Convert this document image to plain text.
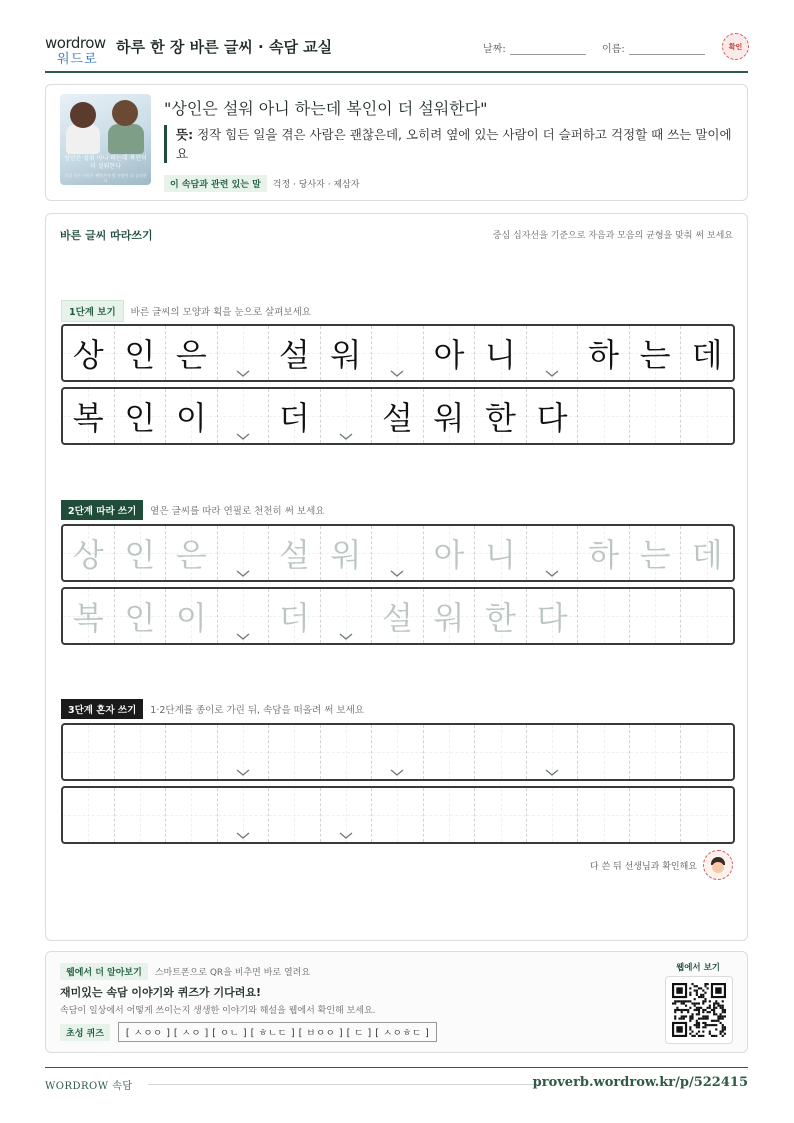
wordrow
워드로
하루 한 장 바른 글씨 · 속담 교실	날짜:	이름:	확인
상인은 설워 아니 하는데 복인이 더 설워한다
직접 겪은 사람은 괜찮은데 옆 사람이 더 슬퍼한다
"상인은 설워 아니 하는데 복인이 더 설워한다"
뜻: 정작 힘든 일을 겪은 사람은 괜찮은데, 오히려 옆에 있는 사람이 더 슬퍼하고 걱정할 때 쓰는 말이에요
이 속담과 관련 있는 말 걱정 · 당사자 · 제삼자
바른 글씨 따라쓰기	중심 십자선을 기준으로 자음과 모음의 균형을 맞춰 써 보세요
1단계 보기	바른 글씨의 모양과 획을 눈으로 살펴보세요
상 인 은 설 워 아 니 하 는 데
복 인 이 더 설 워 한 다
2단계 따라 쓰기	옅은 글씨를 따라 연필로 천천히 써 보세요
상 인 은 설 워 아 니 하 는 데
복 인 이 더 설 워 한 다
3단계 혼자 쓰기	1·2단계를 종이로 가린 뒤, 속담을 떠올려 써 보세요
다 쓴 뒤 선생님과 확인해요
웹에서 더 알아보기	스마트폰으로 QR을 비추면 바로 열려요
재미있는 속담 이야기와 퀴즈가 기다려요!
속담이 일상에서 어떻게 쓰이는지 생생한 이야기와 해설을 웹에서 확인해 보세요.
초성 퀴즈	[ ㅅㅇㅇ ] [ ㅅㅇ ] [ ㅇㄴ ] [ ㅎㄴㄷ ] [ ㅂㅇㅇ ] [ ㄷ ] [ ㅅㅇㅎㄷ ]
웹에서 보기
WORDROW 속담	proverb.wordrow.kr/p/522415
